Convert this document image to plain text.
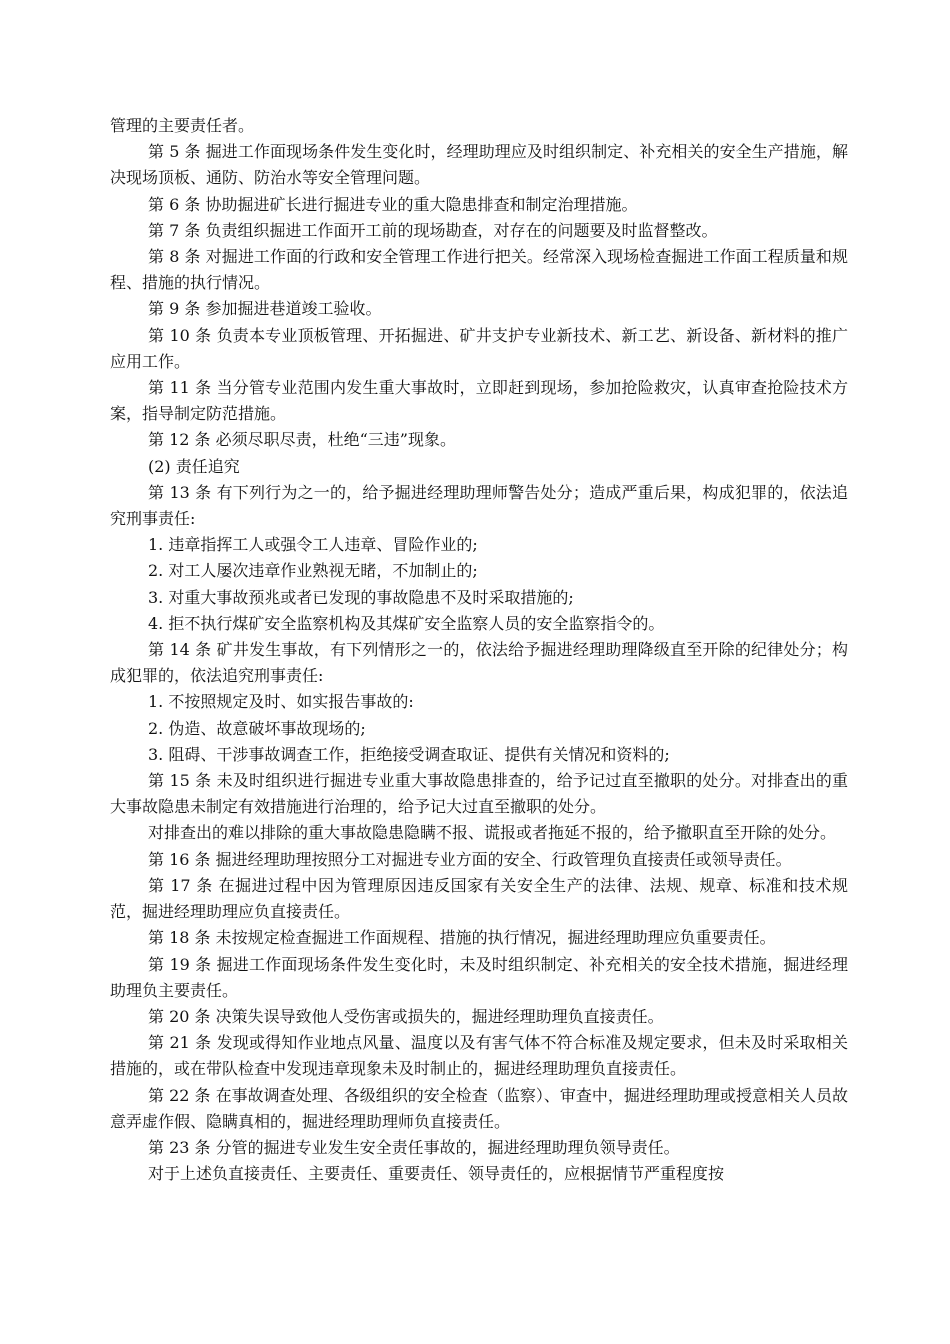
管理的主要责任者。

第 5 条 掘进工作面现场条件发生变化时，经理助理应及时组织制定、补充相关的安全生产措施，解决现场顶板、通防、防治水等安全管理问题。

第 6 条 协助掘进矿长进行掘进专业的重大隐患排查和制定治理措施。

第 7 条 负责组织掘进工作面开工前的现场勘查，对存在的问题要及时监督整改。

第 8 条 对掘进工作面的行政和安全管理工作进行把关。经常深入现场检查掘进工作面工程质量和规程、措施的执行情况。

第 9 条 参加掘进巷道竣工验收。

第 10 条 负责本专业顶板管理、开拓掘进、矿井支护专业新技术、新工艺、新设备、新材料的推广应用工作。

第 11 条 当分管专业范围内发生重大事故时，立即赶到现场，参加抢险救灾，认真审查抢险技术方案，指导制定防范措施。

第 12 条 必须尽职尽责，杜绝“三违”现象。

(2) 责任追究

第 13 条 有下列行为之一的，给予掘进经理助理师警告处分；造成严重后果，构成犯罪的，依法追究刑事责任:

1. 违章指挥工人或强令工人违章、冒险作业的;

2. 对工人屡次违章作业熟视无睹，不加制止的;

3. 对重大事故预兆或者已发现的事故隐患不及时采取措施的;

4. 拒不执行煤矿安全监察机构及其煤矿安全监察人员的安全监察指令的。

第 14 条 矿井发生事故，有下列情形之一的，依法给予掘进经理助理降级直至开除的纪律处分；构成犯罪的，依法追究刑事责任:

1. 不按照规定及时、如实报告事故的:

2. 伪造、故意破坏事故现场的;

3. 阻碍、干涉事故调查工作，拒绝接受调查取证、提供有关情况和资料的;

第 15 条 未及时组织进行掘进专业重大事故隐患排查的，给予记过直至撤职的处分。对排查出的重大事故隐患未制定有效措施进行治理的，给予记大过直至撤职的处分。

对排查出的难以排除的重大事故隐患隐瞒不报、谎报或者拖延不报的，给予撤职直至开除的处分。

第 16 条 掘进经理助理按照分工对掘进专业方面的安全、行政管理负直接责任或领导责任。

第 17 条 在掘进过程中因为管理原因违反国家有关安全生产的法律、法规、规章、标准和技术规范，掘进经理助理应负直接责任。

第 18 条 未按规定检查掘进工作面规程、措施的执行情况，掘进经理助理应负重要责任。

第 19 条 掘进工作面现场条件发生变化时，未及时组织制定、补充相关的安全技术措施，掘进经理助理负主要责任。

第 20 条 决策失误导致他人受伤害或损失的，掘进经理助理负直接责任。

第 21 条 发现或得知作业地点风量、温度以及有害气体不符合标准及规定要求，但未及时采取相关措施的，或在带队检查中发现违章现象未及时制止的，掘进经理助理负直接责任。

第 22 条 在事故调查处理、各级组织的安全检查（监察）、审查中，掘进经理助理或授意相关人员故意弄虚作假、隐瞒真相的，掘进经理助理师负直接责任。

第 23 条 分管的掘进专业发生安全责任事故的，掘进经理助理负领导责任。

对于上述负直接责任、主要责任、重要责任、领导责任的，应根据情节严重程度按
